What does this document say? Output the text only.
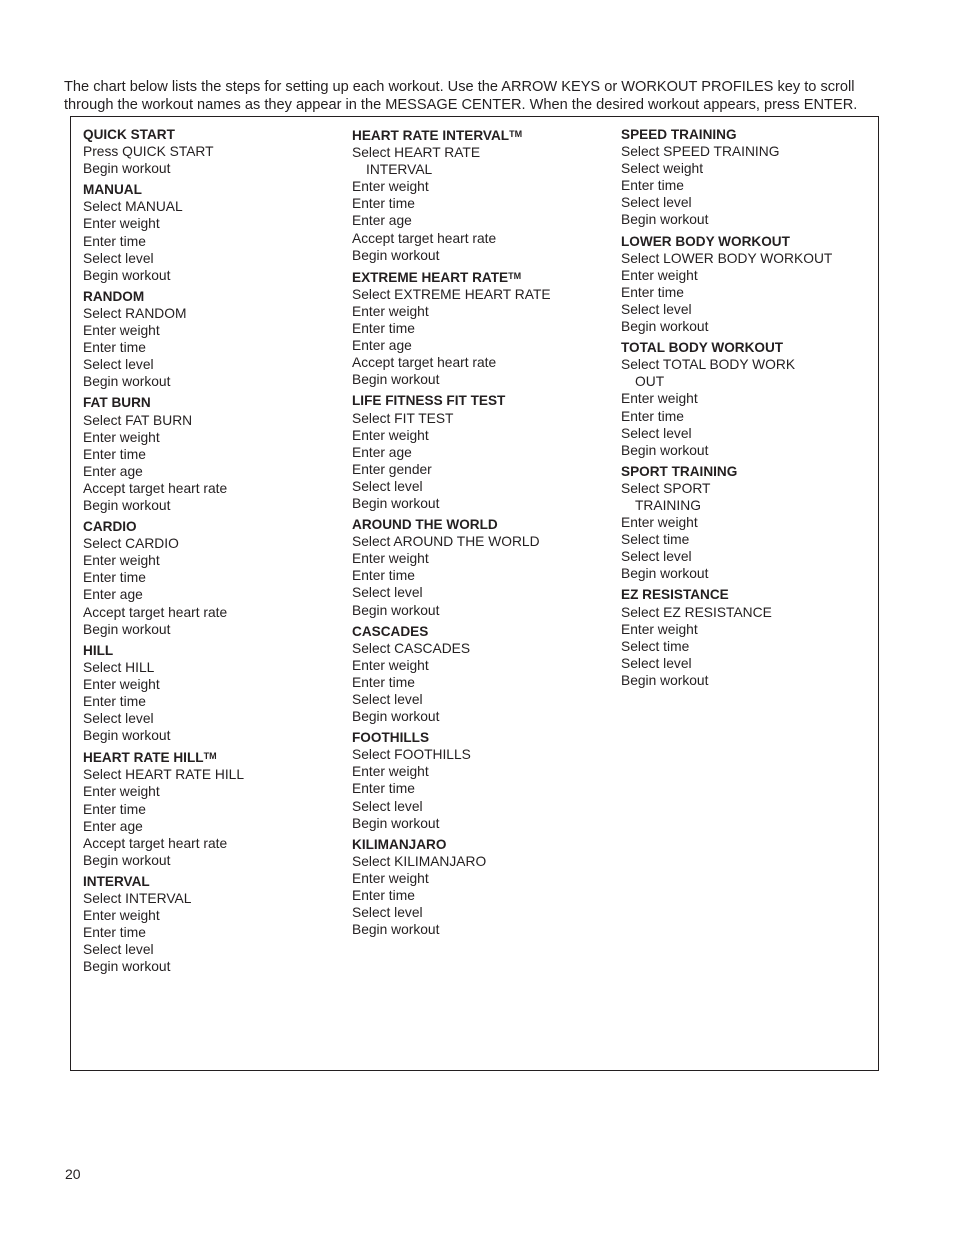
The chart below lists the steps for setting up each workout. Use the ARROW KEYS or WORKOUT PROFILES key to scroll through the workout names as they appear in the MESSAGE CENTER. When the desired workout appears, press ENTER.

QUICK START
Press QUICK START
Begin workout
MANUAL
Select MANUAL
Enter weight
Enter time
Select level
Begin workout
RANDOM
Select RANDOM
Enter weight
Enter time
Select level
Begin workout
FAT BURN
Select FAT BURN
Enter weight
Enter time
Enter age
Accept target heart rate
Begin workout
CARDIO
Select CARDIO
Enter weight
Enter time
Enter age
Accept target heart rate
Begin workout
HILL
Select HILL
Enter weight
Enter time
Select level
Begin workout
HEART RATE HILL™
Select HEART RATE HILL
Enter weight
Enter time
Enter age
Accept target heart rate
Begin workout
INTERVAL
Select INTERVAL
Enter weight
Enter time
Select level
Begin workout
HEART RATE INTERVAL™
Select HEART RATE
INTERVAL
Enter weight
Enter time
Enter age
Accept target heart rate
Begin workout
EXTREME HEART RATE™
Select EXTREME HEART RATE
Enter weight
Enter time
Enter age
Accept target heart rate
Begin workout
LIFE FITNESS FIT TEST
Select FIT TEST
Enter weight
Enter age
Enter gender
Select level
Begin workout
AROUND THE WORLD
Select AROUND THE WORLD
Enter weight
Enter time
Select level
Begin workout
CASCADES
Select CASCADES
Enter weight
Enter time
Select level
Begin workout
FOOTHILLS
Select FOOTHILLS
Enter weight
Enter time
Select level
Begin workout
KILIMANJARO
Select KILIMANJARO
Enter weight
Enter time
Select level
Begin workout
SPEED TRAINING
Select SPEED TRAINING
Select weight
Enter time
Select level
Begin workout
LOWER BODY WORKOUT
Select LOWER BODY WORKOUT
Enter weight
Enter time
Select level
Begin workout
TOTAL BODY WORKOUT
Select TOTAL BODY WORK
OUT
Enter weight
Enter time
Select level
Begin workout
SPORT TRAINING
Select SPORT
TRAINING
Enter weight
Select time
Select level
Begin workout
EZ RESISTANCE
Select EZ RESISTANCE
Enter weight
Select time
Select level
Begin workout
20
